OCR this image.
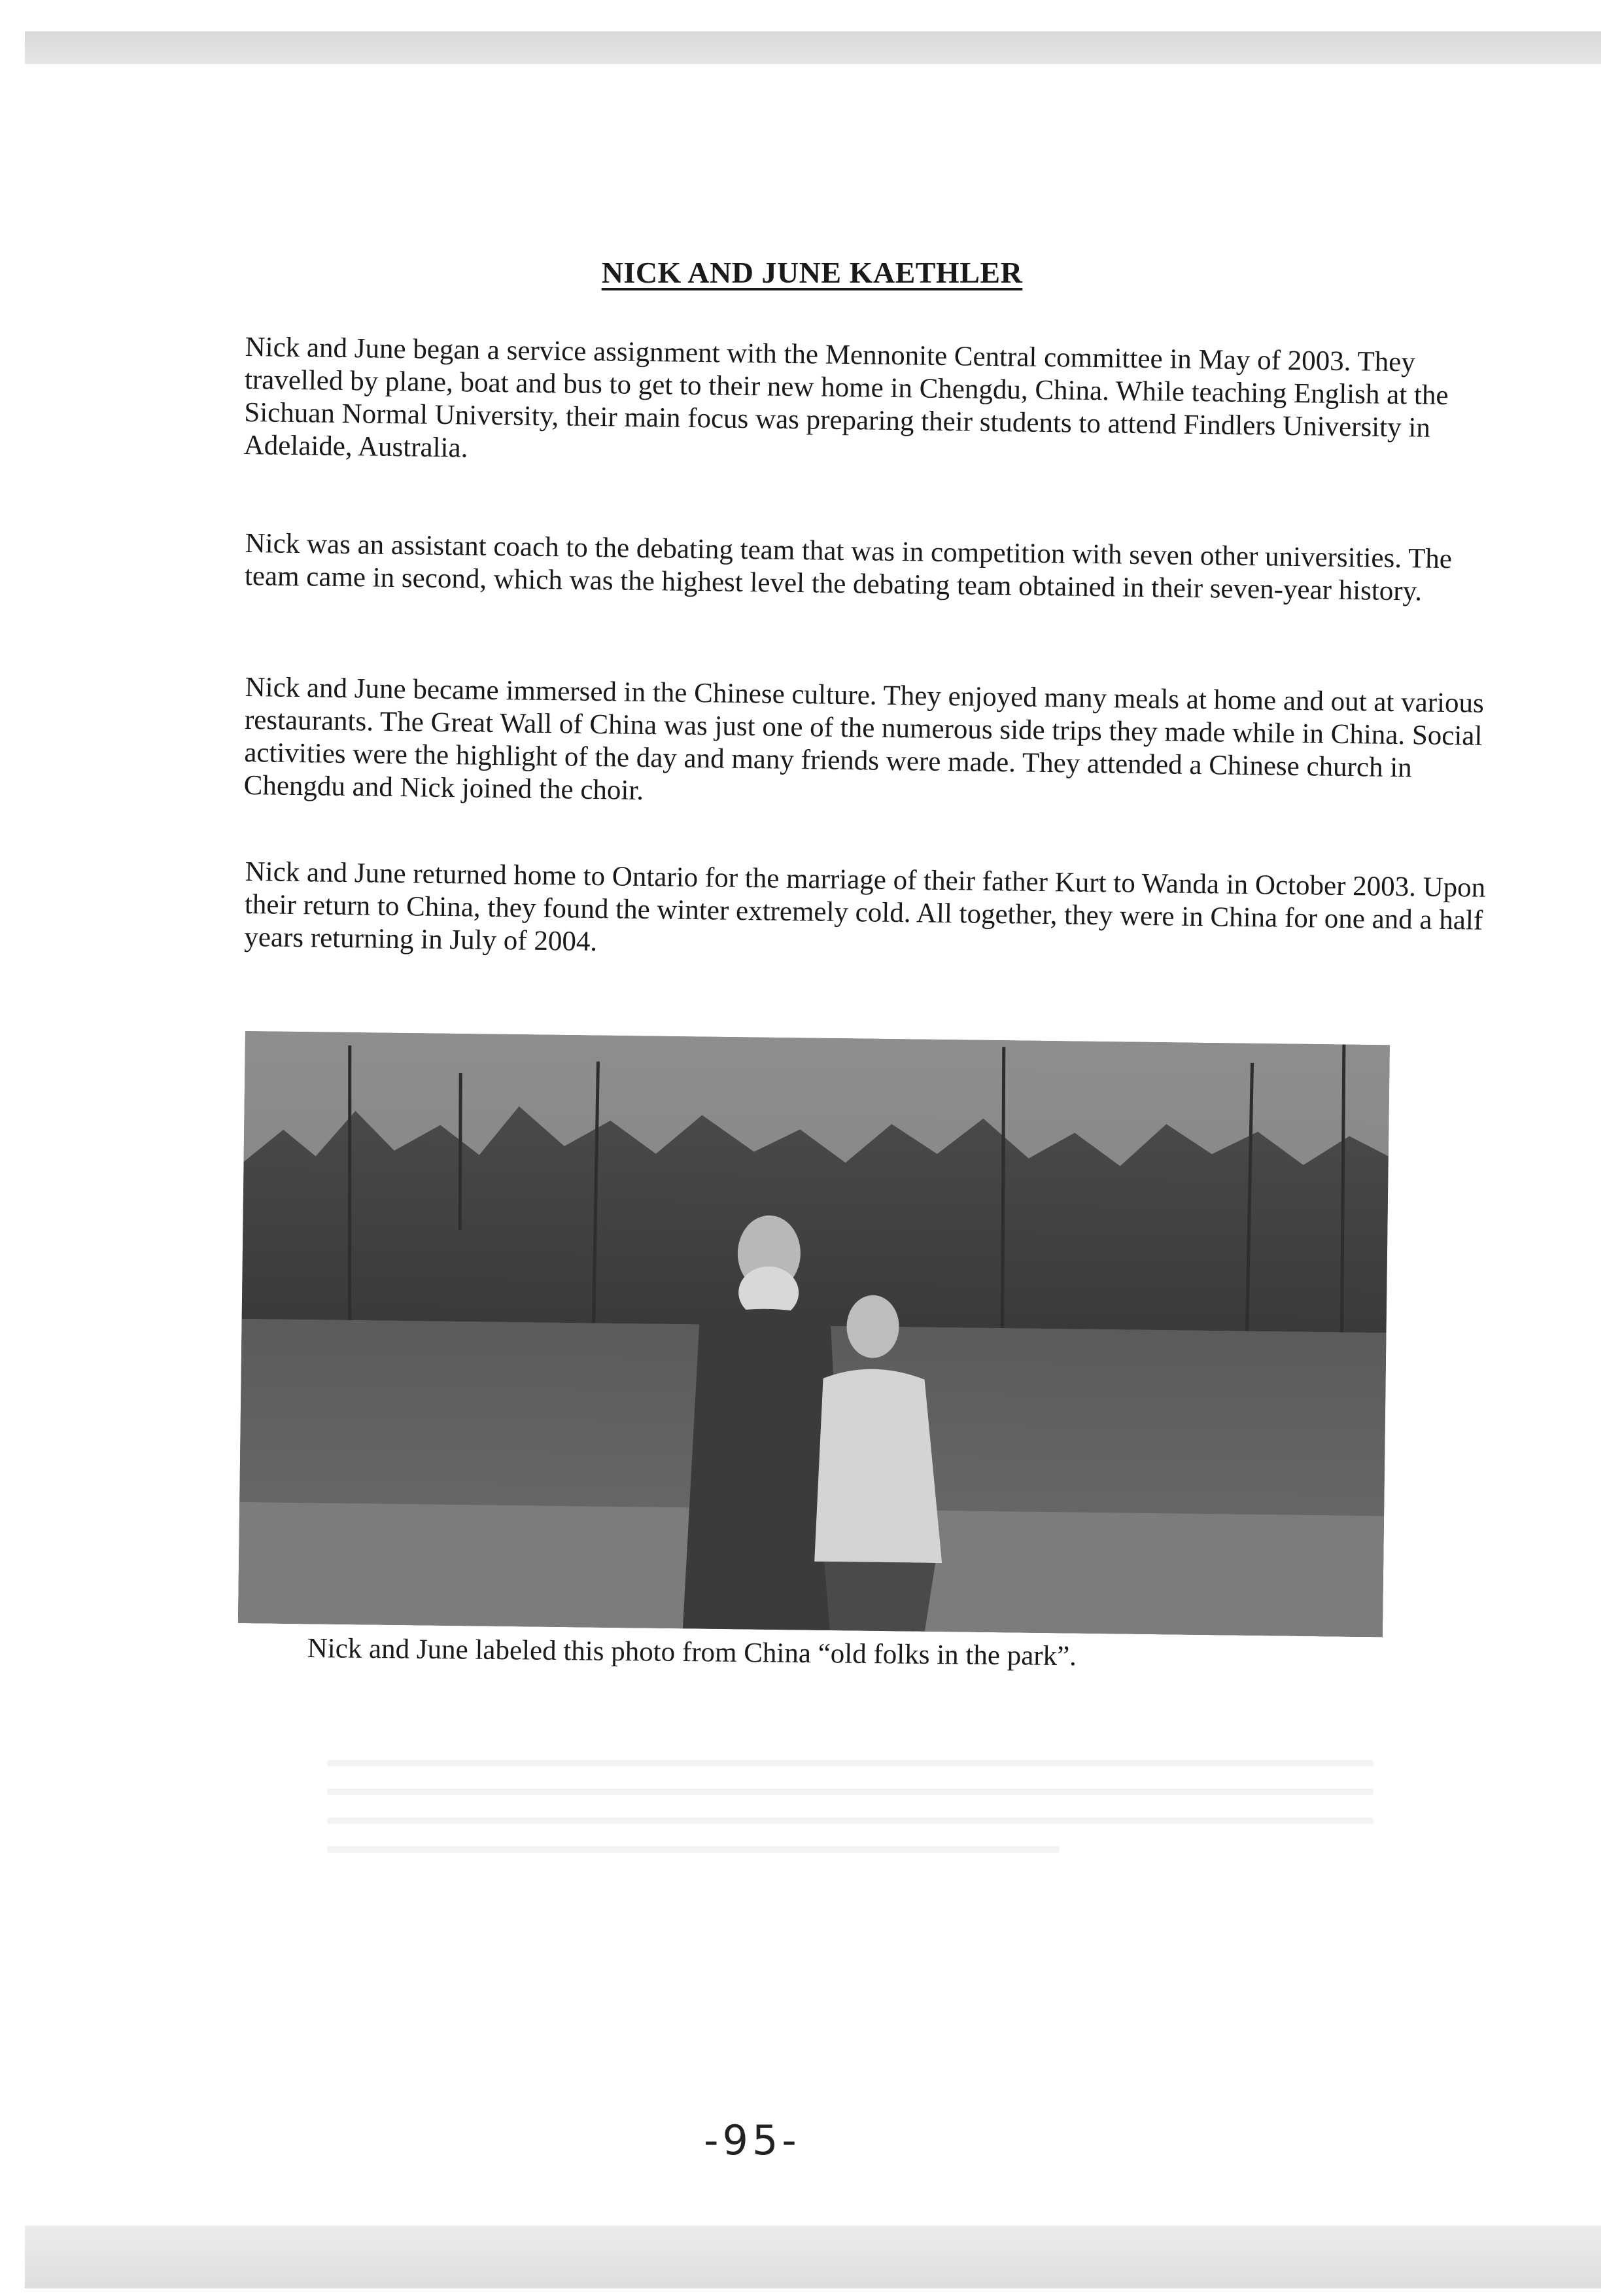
NICK AND JUNE KAETHLER

Nick and June began a service assignment with the Mennonite Central committee in May of 2003. They travelled by plane, boat and bus to get to their new home in Chengdu, China. While teaching English at the Sichuan Normal University, their main focus was preparing their students to attend Findlers University in Adelaide, Australia.

Nick was an assistant coach to the debating team that was in competition with seven other universities. The team came in second, which was the highest level the debating team obtained in their seven-year history.

Nick and June became immersed in the Chinese culture. They enjoyed many meals at home and out at various restaurants. The Great Wall of China was just one of the numerous side trips they made while in China. Social activities were the highlight of the day and many friends were made. They attended a Chinese church in Chengdu and Nick joined the choir.

Nick and June returned home to Ontario for the marriage of their father Kurt to Wanda in October 2003. Upon their return to China, they found the winter extremely cold. All together, they were in China for one and a half years returning in July of 2004.

Nick and June labeled this photo from China “old folks in the park”.

-95-
